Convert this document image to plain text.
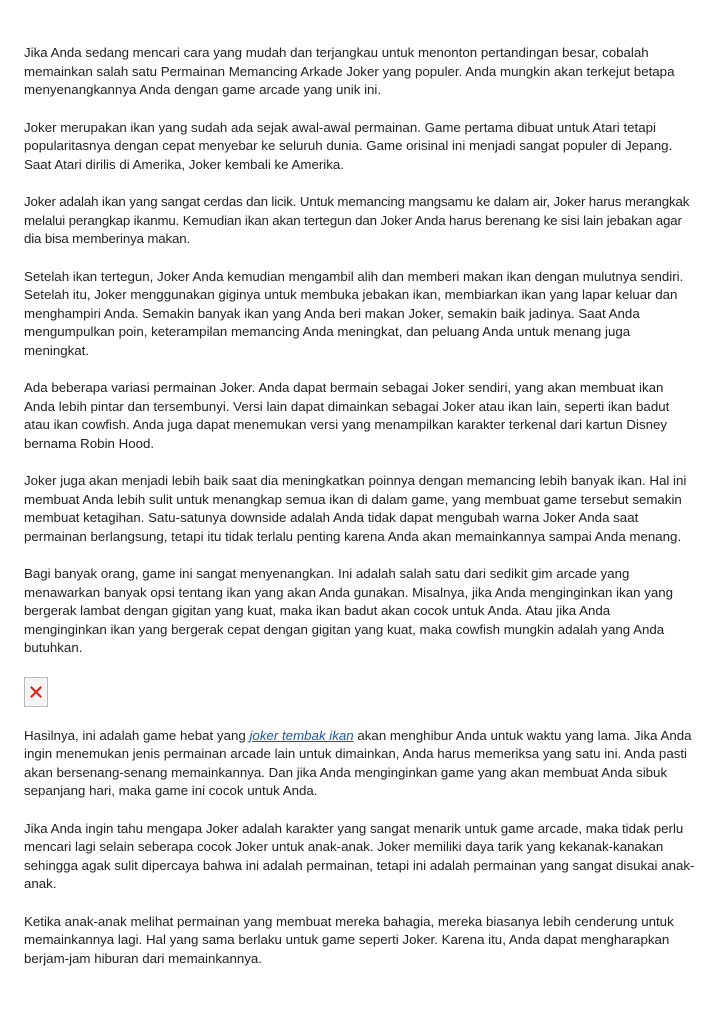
Jika Anda sedang mencari cara yang mudah dan terjangkau untuk menonton pertandingan besar, cobalah memainkan salah satu Permainan Memancing Arkade Joker yang populer. Anda mungkin akan terkejut betapa menyenangkannya Anda dengan game arcade yang unik ini.

Joker merupakan ikan yang sudah ada sejak awal-awal permainan. Game pertama dibuat untuk Atari tetapi popularitasnya dengan cepat menyebar ke seluruh dunia. Game orisinal ini menjadi sangat populer di Jepang. Saat Atari dirilis di Amerika, Joker kembali ke Amerika.

Joker adalah ikan yang sangat cerdas dan licik. Untuk memancing mangsamu ke dalam air, Joker harus merangkak melalui perangkap ikanmu. Kemudian ikan akan tertegun dan Joker Anda harus berenang ke sisi lain jebakan agar dia bisa memberinya makan.

Setelah ikan tertegun, Joker Anda kemudian mengambil alih dan memberi makan ikan dengan mulutnya sendiri. Setelah itu, Joker menggunakan giginya untuk membuka jebakan ikan, membiarkan ikan yang lapar keluar dan menghampiri Anda. Semakin banyak ikan yang Anda beri makan Joker, semakin baik jadinya. Saat Anda mengumpulkan poin, keterampilan memancing Anda meningkat, dan peluang Anda untuk menang juga meningkat.

Ada beberapa variasi permainan Joker. Anda dapat bermain sebagai Joker sendiri, yang akan membuat ikan Anda lebih pintar dan tersembunyi. Versi lain dapat dimainkan sebagai Joker atau ikan lain, seperti ikan badut atau ikan cowfish. Anda juga dapat menemukan versi yang menampilkan karakter terkenal dari kartun Disney bernama Robin Hood.

Joker juga akan menjadi lebih baik saat dia meningkatkan poinnya dengan memancing lebih banyak ikan. Hal ini membuat Anda lebih sulit untuk menangkap semua ikan di dalam game, yang membuat game tersebut semakin membuat ketagihan. Satu-satunya downside adalah Anda tidak dapat mengubah warna Joker Anda saat permainan berlangsung, tetapi itu tidak terlalu penting karena Anda akan memainkannya sampai Anda menang.

Bagi banyak orang, game ini sangat menyenangkan. Ini adalah salah satu dari sedikit gim arcade yang menawarkan banyak opsi tentang ikan yang akan Anda gunakan. Misalnya, jika Anda menginginkan ikan yang bergerak lambat dengan gigitan yang kuat, maka ikan badut akan cocok untuk Anda. Atau jika Anda menginginkan ikan yang bergerak cepat dengan gigitan yang kuat, maka cowfish mungkin adalah yang Anda butuhkan.

Hasilnya, ini adalah game hebat yang joker tembak ikan akan menghibur Anda untuk waktu yang lama. Jika Anda ingin menemukan jenis permainan arcade lain untuk dimainkan, Anda harus memeriksa yang satu ini. Anda pasti akan bersenang-senang memainkannya. Dan jika Anda menginginkan game yang akan membuat Anda sibuk sepanjang hari, maka game ini cocok untuk Anda.

Jika Anda ingin tahu mengapa Joker adalah karakter yang sangat menarik untuk game arcade, maka tidak perlu mencari lagi selain seberapa cocok Joker untuk anak-anak. Joker memiliki daya tarik yang kekanak-kanakan sehingga agak sulit dipercaya bahwa ini adalah permainan, tetapi ini adalah permainan yang sangat disukai anak-anak.

Ketika anak-anak melihat permainan yang membuat mereka bahagia, mereka biasanya lebih cenderung untuk memainkannya lagi. Hal yang sama berlaku untuk game seperti Joker. Karena itu, Anda dapat mengharapkan berjam-jam hiburan dari memainkannya.
